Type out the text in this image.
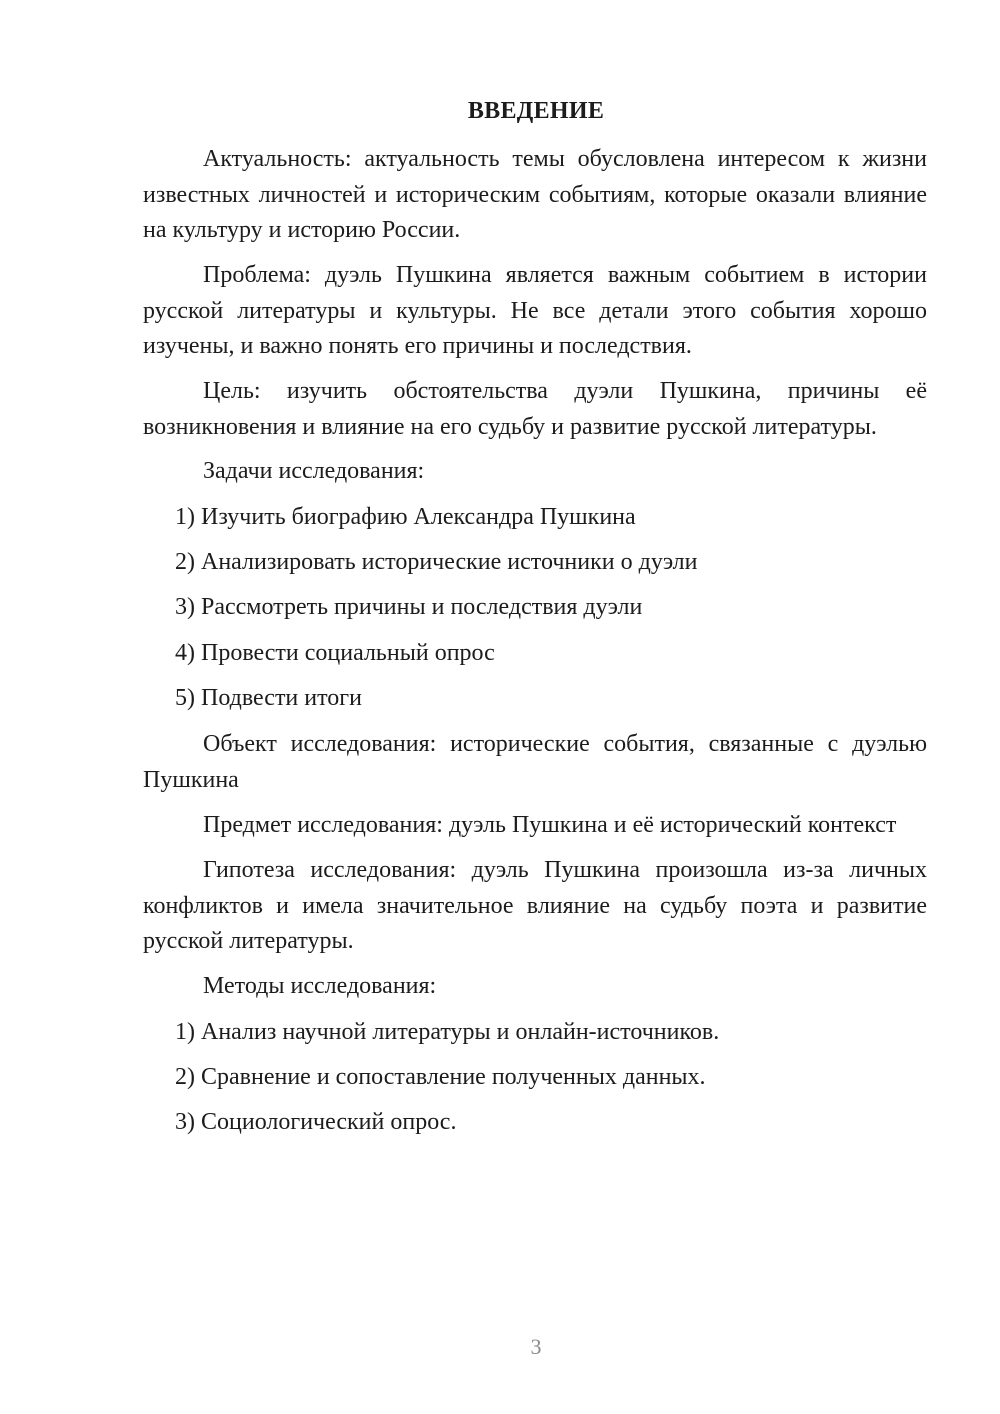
ВВЕДЕНИЕ

Актуальность: актуальность темы обусловлена интересом к жизни известных личностей и историческим событиям, которые оказали влияние на культуру и историю России.

Проблема: дуэль Пушкина является важным событием в истории русской литературы и культуры. Не все детали этого события хорошо изучены, и важно понять его причины и последствия.

Цель: изучить обстоятельства дуэли Пушкина, причины её возникновения и влияние на его судьбу и развитие русской литературы.

Задачи исследования:

1) Изучить биографию Александра Пушкина

2) Анализировать исторические источники о дуэли

3) Рассмотреть причины и последствия дуэли

4) Провести социальный опрос

5) Подвести итоги

Объект исследования: исторические события, связанные с дуэлью Пушкина

Предмет исследования: дуэль Пушкина и её исторический контекст

Гипотеза исследования: дуэль Пушкина произошла из-за личных конфликтов и имела значительное влияние на судьбу поэта и развитие русской литературы.

Методы исследования:

1) Анализ научной литературы и онлайн-источников.

2) Сравнение и сопоставление полученных данных.

3) Социологический опрос.

3
